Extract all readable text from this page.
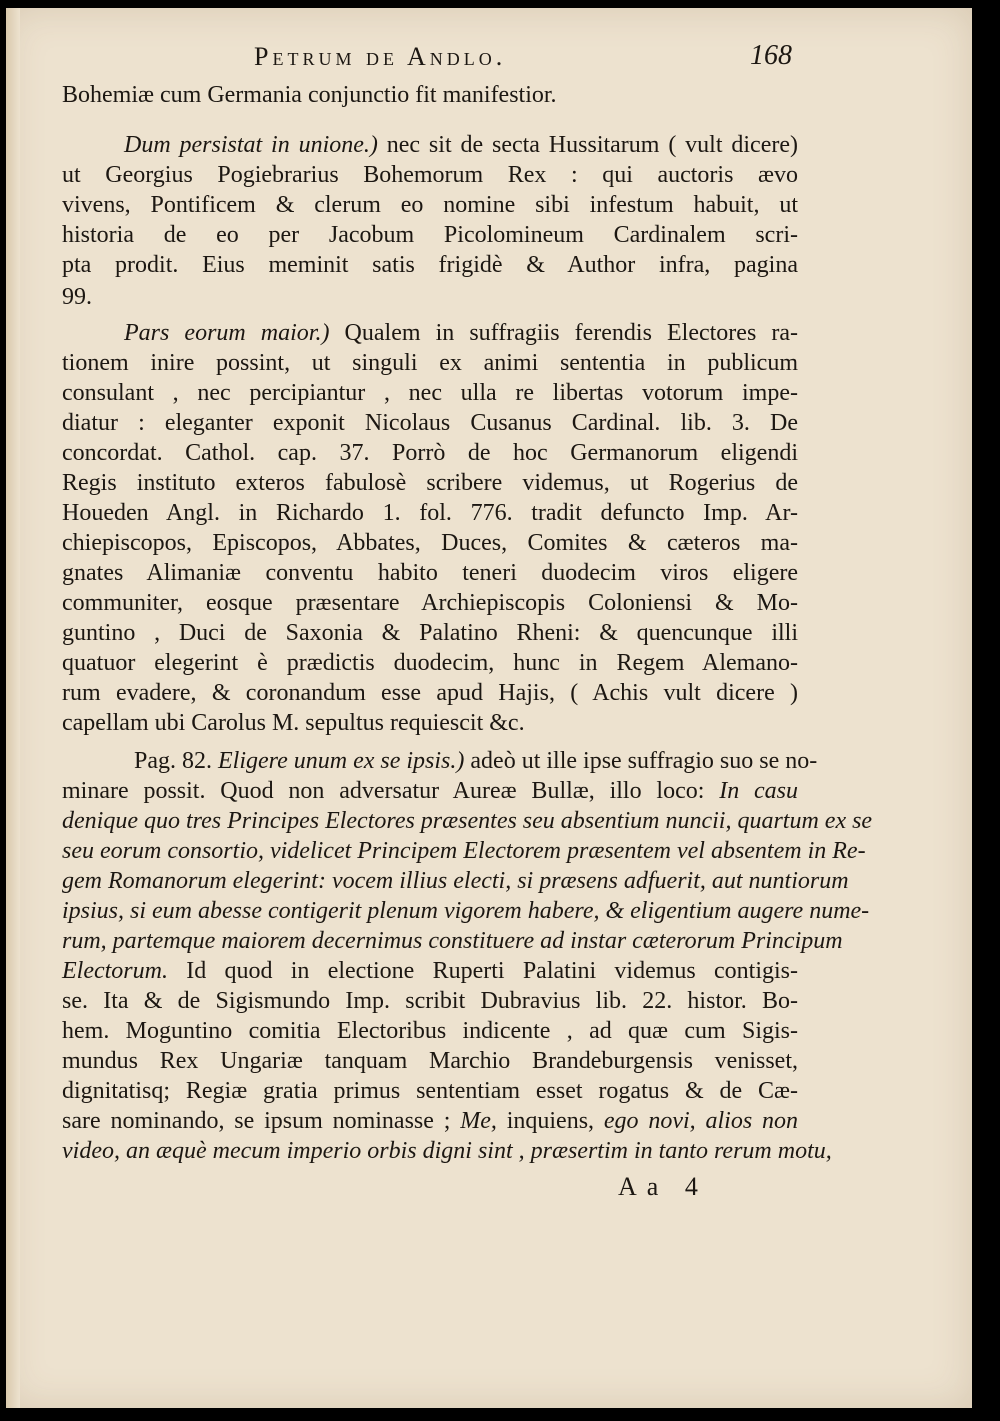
Petrum de Andlo.	168
Bohemiæ cum Germania conjunctio fit manifestior.
Dum persistat in unione.) nec sit de secta Hussitarum ( vult dicere)
ut Georgius Pogiebrarius Bohemorum Rex : qui auctoris ævo
vivens, Pontificem & clerum eo nomine sibi infestum habuit, ut
historia de eo per Jacobum Picolomineum Cardinalem scri-
pta prodit. Eius meminit satis frigidè & Author infra, pagina
99.
Pars eorum maior.) Qualem in suffragiis ferendis Electores ra-
tionem inire possint, ut singuli ex animi sententia in publicum
consulant , nec percipiantur , nec ulla re libertas votorum impe-
diatur : eleganter exponit Nicolaus Cusanus Cardinal. lib. 3. De
concordat. Cathol. cap. 37. Porrò de hoc Germanorum eligendi
Regis instituto exteros fabulosè scribere videmus, ut Rogerius de
Houeden Angl. in Richardo 1. fol. 776. tradit defuncto Imp. Ar-
chiepiscopos, Episcopos, Abbates, Duces, Comites & cæteros ma-
gnates Alimaniæ conventu habito teneri duodecim viros eligere
communiter, eosque præsentare Archiepiscopis Coloniensi & Mo-
guntino , Duci de Saxonia & Palatino Rheni: & quencunque illi
quatuor elegerint è prædictis duodecim, hunc in Regem Alemano-
rum evadere, & coronandum esse apud Hajis, ( Achis vult dicere )
capellam ubi Carolus M. sepultus requiescit &c.
Pag. 82. Eligere unum ex se ipsis.) adeò ut ille ipse suffragio suo se no-
minare possit. Quod non adversatur Aureæ Bullæ, illo loco: In casu
denique quo tres Principes Electores præsentes seu absentium nuncii, quartum ex se
seu eorum consortio, videlicet Principem Electorem præsentem vel absentem in Re-
gem Romanorum elegerint: vocem illius electi, si præsens adfuerit, aut nuntiorum
ipsius, si eum abesse contigerit plenum vigorem habere, & eligentium augere nume-
rum, partemque maiorem decernimus constituere ad instar cæterorum Principum
Electorum. Id quod in electione Ruperti Palatini videmus contigis-
se. Ita & de Sigismundo Imp. scribit Dubravius lib. 22. histor. Bo-
hem. Moguntino comitia Electoribus indicente , ad quæ cum Sigis-
mundus Rex Ungariæ tanquam Marchio Brandeburgensis venisset,
dignitatisq; Regiæ gratia primus sententiam esset rogatus & de Cæ-
sare nominando, se ipsum nominasse ; Me, inquiens, ego novi, alios non
video, an æquè mecum imperio orbis digni sint , præsertim in tanto rerum motu,
Aa 4
